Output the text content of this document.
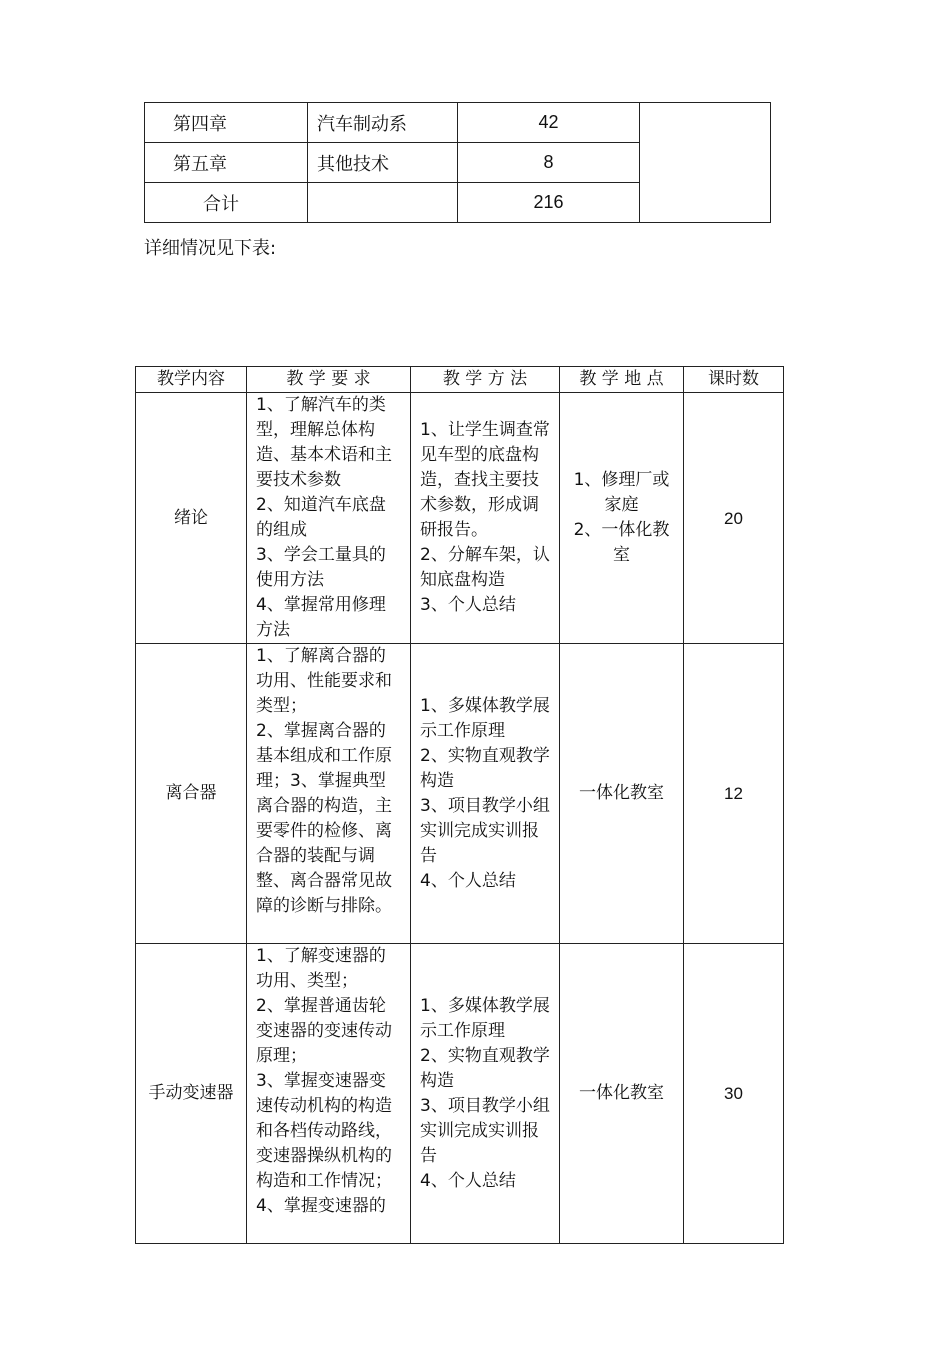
第四章	汽车制动系	42	
第五章	其他技术	8	
合计		216	
详细情况见下表:
教学内容	教 学 要 求	教 学 方 法	教 学 地 点	课时数
绪论	1、了解汽车的类型，理解总体构造、基本术语和主要技术参数
2、知道汽车底盘的组成
3、学会工量具的使用方法
4、掌握常用修理方法	1、让学生调查常见车型的底盘构造，查找主要技术参数，形成调研报告。
2、分解车架，认知底盘构造
3、个人总结	1、修理厂或家庭
2、一体化教室	20
离合器	1、了解离合器的功用、性能要求和类型；
2、掌握离合器的基本组成和工作原理；3、掌握典型离合器的构造，主要零件的检修、离合器的装配与调整、离合器常见故障的诊断与排除。	1、多媒体教学展示工作原理
2、实物直观教学构造
3、项目教学小组实训完成实训报告
4、个人总结	一体化教室	12
手动变速器	1、了解变速器的功用、类型；
2、掌握普通齿轮变速器的变速传动原理；
3、掌握变速器变速传动机构的构造和各档传动路线，变速器操纵机构的构造和工作情况；
4、掌握变速器的	1、多媒体教学展示工作原理
2、实物直观教学构造
3、项目教学小组实训完成实训报告
4、个人总结	一体化教室	30
